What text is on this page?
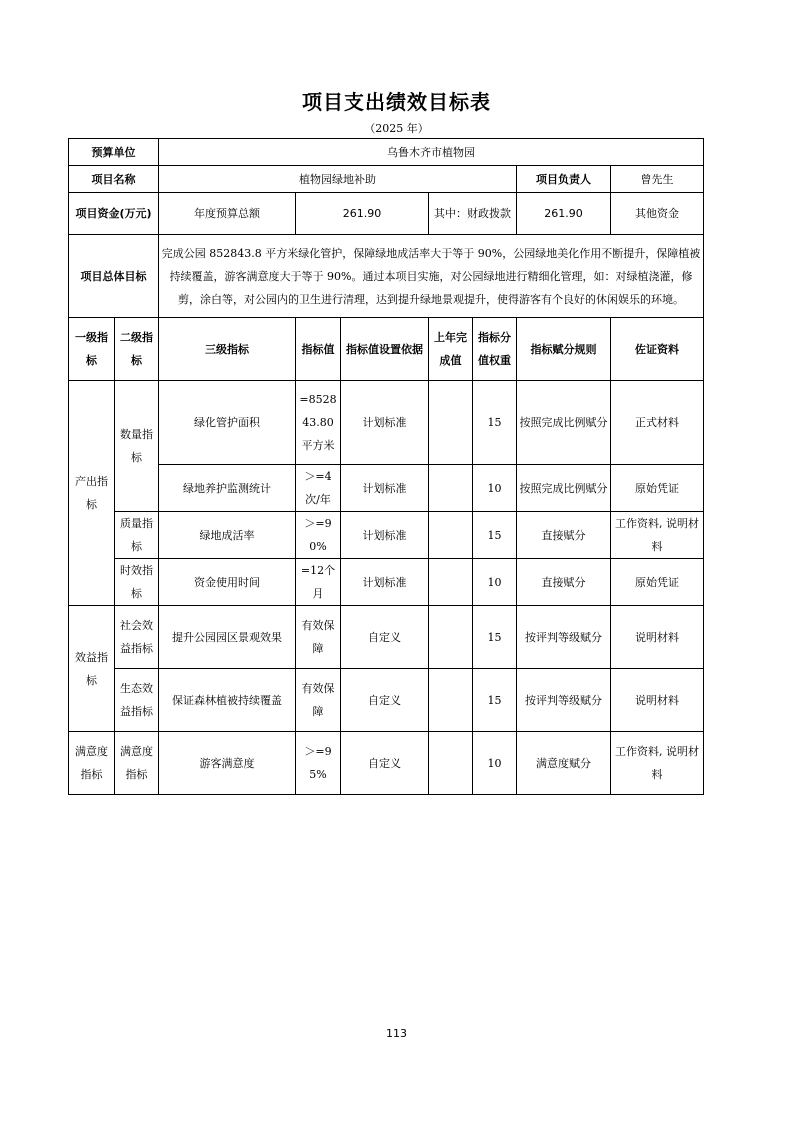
项目支出绩效目标表
（2025 年）
预算单位		乌鲁木齐市植物园						
项目名称		植物园绿地补助					项目负责人	曾先生
项目资金(万元)		年度预算总额	261.90		其中：财政拨款		261.90	其他资金
项目总体目标		完成公园 852843.8 平方米绿化管护，保障绿地成活率大于等于 90%，公园绿地美化作用不断提升，保障植被持续覆盖，游客满意度大于等于 90%。通过本项目实施，对公园绿地进行精细化管理，如：对绿植浇灌，修剪，涂白等，对公园内的卫生进行清理，达到提升绿地景观提升，使得游客有个良好的休闲娱乐的环境。						
一级指标	二级指标	三级指标	指标值	指标值设置依据	上年完成值	指标分值权重	指标赋分规则	佐证资料
产出指标	数量指标	绿化管护面积	=852843.80平方米	计划标准		15	按照完成比例赋分	正式材料
		绿地养护监测统计	＞=4次/年	计划标准		10	按照完成比例赋分	原始凭证
	质量指标	绿地成活率	＞=90%	计划标准		15	直接赋分	工作资料, 说明材料
	时效指标	资金使用时间	=12个月	计划标准		10	直接赋分	原始凭证
效益指标	社会效益指标	提升公园园区景观效果	有效保障	自定义		15	按评判等级赋分	说明材料
	生态效益指标	保证森林植被持续覆盖	有效保障	自定义		15	按评判等级赋分	说明材料
满意度指标	满意度指标	游客满意度	＞=95%	自定义		10	满意度赋分	工作资料, 说明材料
113
